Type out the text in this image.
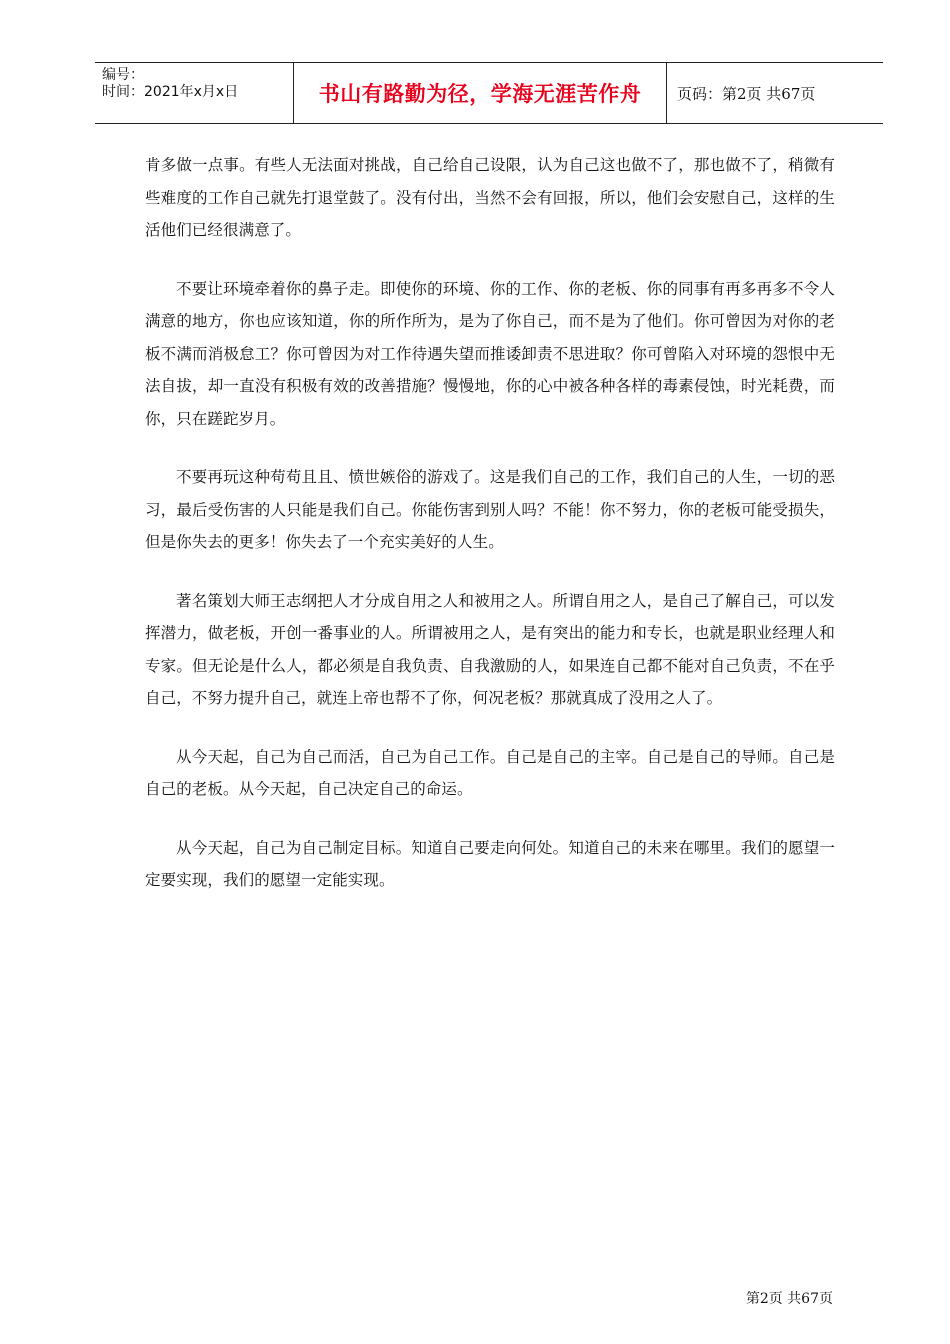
编号：
时间：2021年x月x日	书山有路勤为径，学海无涯苦作舟	页码：第2页 共67页

肯多做一点事。有些人无法面对挑战，自己给自己设限，认为自己这也做不了，那也做不了，稍微有些难度的工作自己就先打退堂鼓了。没有付出，当然不会有回报，所以，他们会安慰自己，这样的生活他们已经很满意了。

不要让环境牵着你的鼻子走。即使你的环境、你的工作、你的老板、你的同事有再多再多不令人满意的地方，你也应该知道，你的所作所为，是为了你自己，而不是为了他们。你可曾因为对你的老板不满而消极怠工？你可曾因为对工作待遇失望而推诿卸责不思进取？你可曾陷入对环境的怨恨中无法自拔，却一直没有积极有效的改善措施？慢慢地，你的心中被各种各样的毒素侵蚀，时光耗费，而你，只在蹉跎岁月。

不要再玩这种苟苟且且、愤世嫉俗的游戏了。这是我们自己的工作，我们自己的人生，一切的恶习，最后受伤害的人只能是我们自己。你能伤害到别人吗？不能！你不努力，你的老板可能受损失，但是你失去的更多！你失去了一个充实美好的人生。

著名策划大师王志纲把人才分成自用之人和被用之人。所谓自用之人，是自己了解自己，可以发挥潜力，做老板，开创一番事业的人。所谓被用之人，是有突出的能力和专长，也就是职业经理人和专家。但无论是什么人，都必须是自我负责、自我激励的人，如果连自己都不能对自己负责，不在乎自己，不努力提升自己，就连上帝也帮不了你，何况老板？那就真成了没用之人了。

从今天起，自己为自己而活，自己为自己工作。自己是自己的主宰。自己是自己的导师。自己是自己的老板。从今天起，自己决定自己的命运。

从今天起，自己为自己制定目标。知道自己要走向何处。知道自己的未来在哪里。我们的愿望一定要实现，我们的愿望一定能实现。

第2页 共67页
